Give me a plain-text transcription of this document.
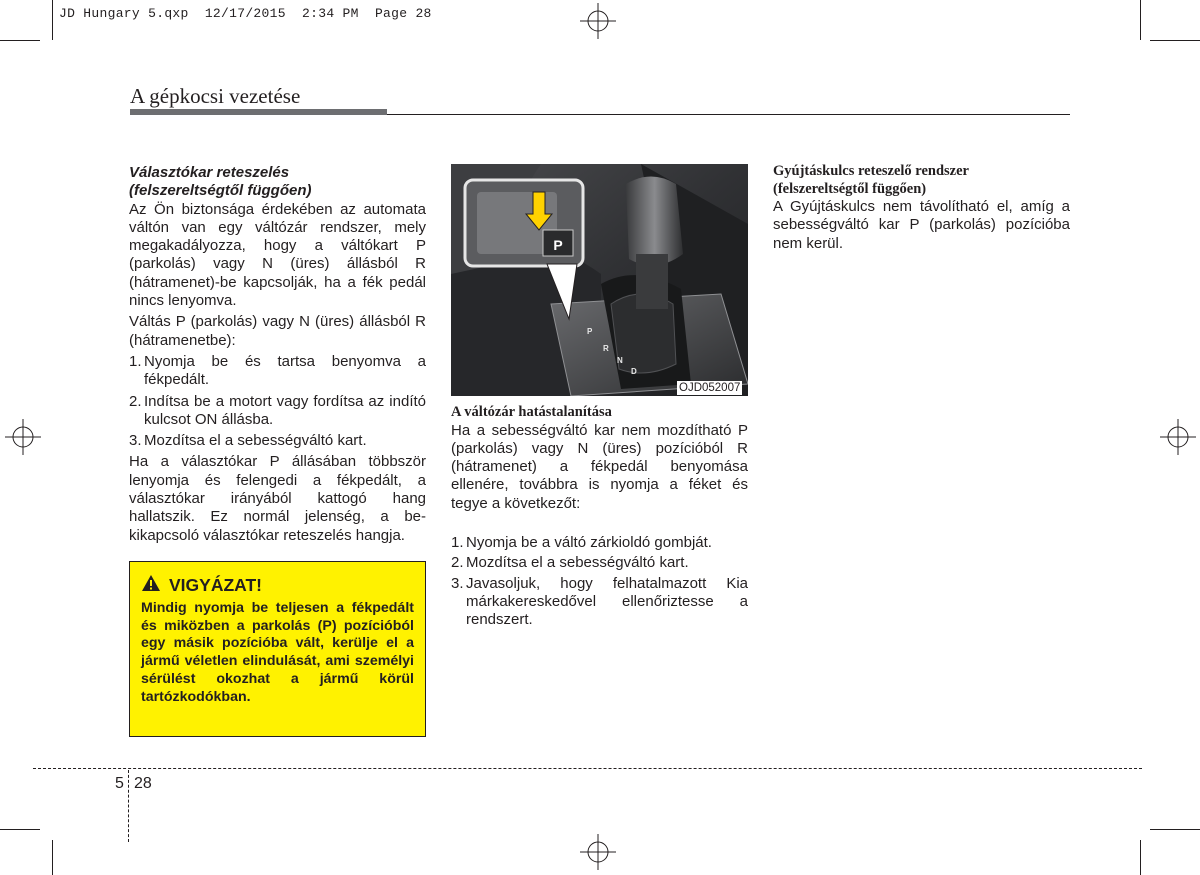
JD Hungary 5.qxp  12/17/2015  2:34 PM  Page 28
A gépkocsi vezetése

Választókar reteszelés

(felszereltségtől függően)

Az Ön biztonsága érdekében az automata váltón van egy váltózár rendszer, mely megakadályozza, hogy a váltókart P (parkolás) vagy N (üres) állásból R (hátramenet)-be kapcsolják, ha a fék pedál nincs lenyomva.

Váltás P (parkolás) vagy N (üres) állásból R (hátramenetbe):

1. Nyomja be és tartsa benyomva a fékpedált.
2. Indítsa be a motort vagy fordítsa az indító kulcsot ON állásba.
3. Mozdítsa el a sebességváltó kart.

Ha a választókar P állásában többször lenyomja és felengedi a fékpedált, a választókar irányából kattogó hang hallatszik. Ez normál jelenség, a be-kikapcsoló választókar reteszelés hangja.

VIGYÁZAT!
Mindig nyomja be teljesen a fékpedált és miközben a parkolás (P) pozícióból egy másik pozícióba vált, kerülje el a jármű véletlen elindulását, ami személyi sérülést okozhat a jármű körül tartózkodókban.
P
P
R
N
D
OJD052007

A váltózár hatástalanítása

Ha a sebességváltó kar nem mozdítható P (parkolás) vagy N (üres) pozícióból R (hátramenet) a fékpedál benyomása ellenére, továbbra is nyomja a féket és tegye a következőt:

1. Nyomja be a váltó zárkioldó gombját.
2. Mozdítsa el a sebességváltó kart.
3. Javasoljuk, hogy felhatalmazott Kia márkakereskedővel ellenőriztesse a rendszert.

Gyújtáskulcs reteszelő rendszer

(felszereltségtől függően)

A Gyújtáskulcs nem távolítható el, amíg a sebességváltó kar P (parkolás) pozícióba nem kerül.

5 28
